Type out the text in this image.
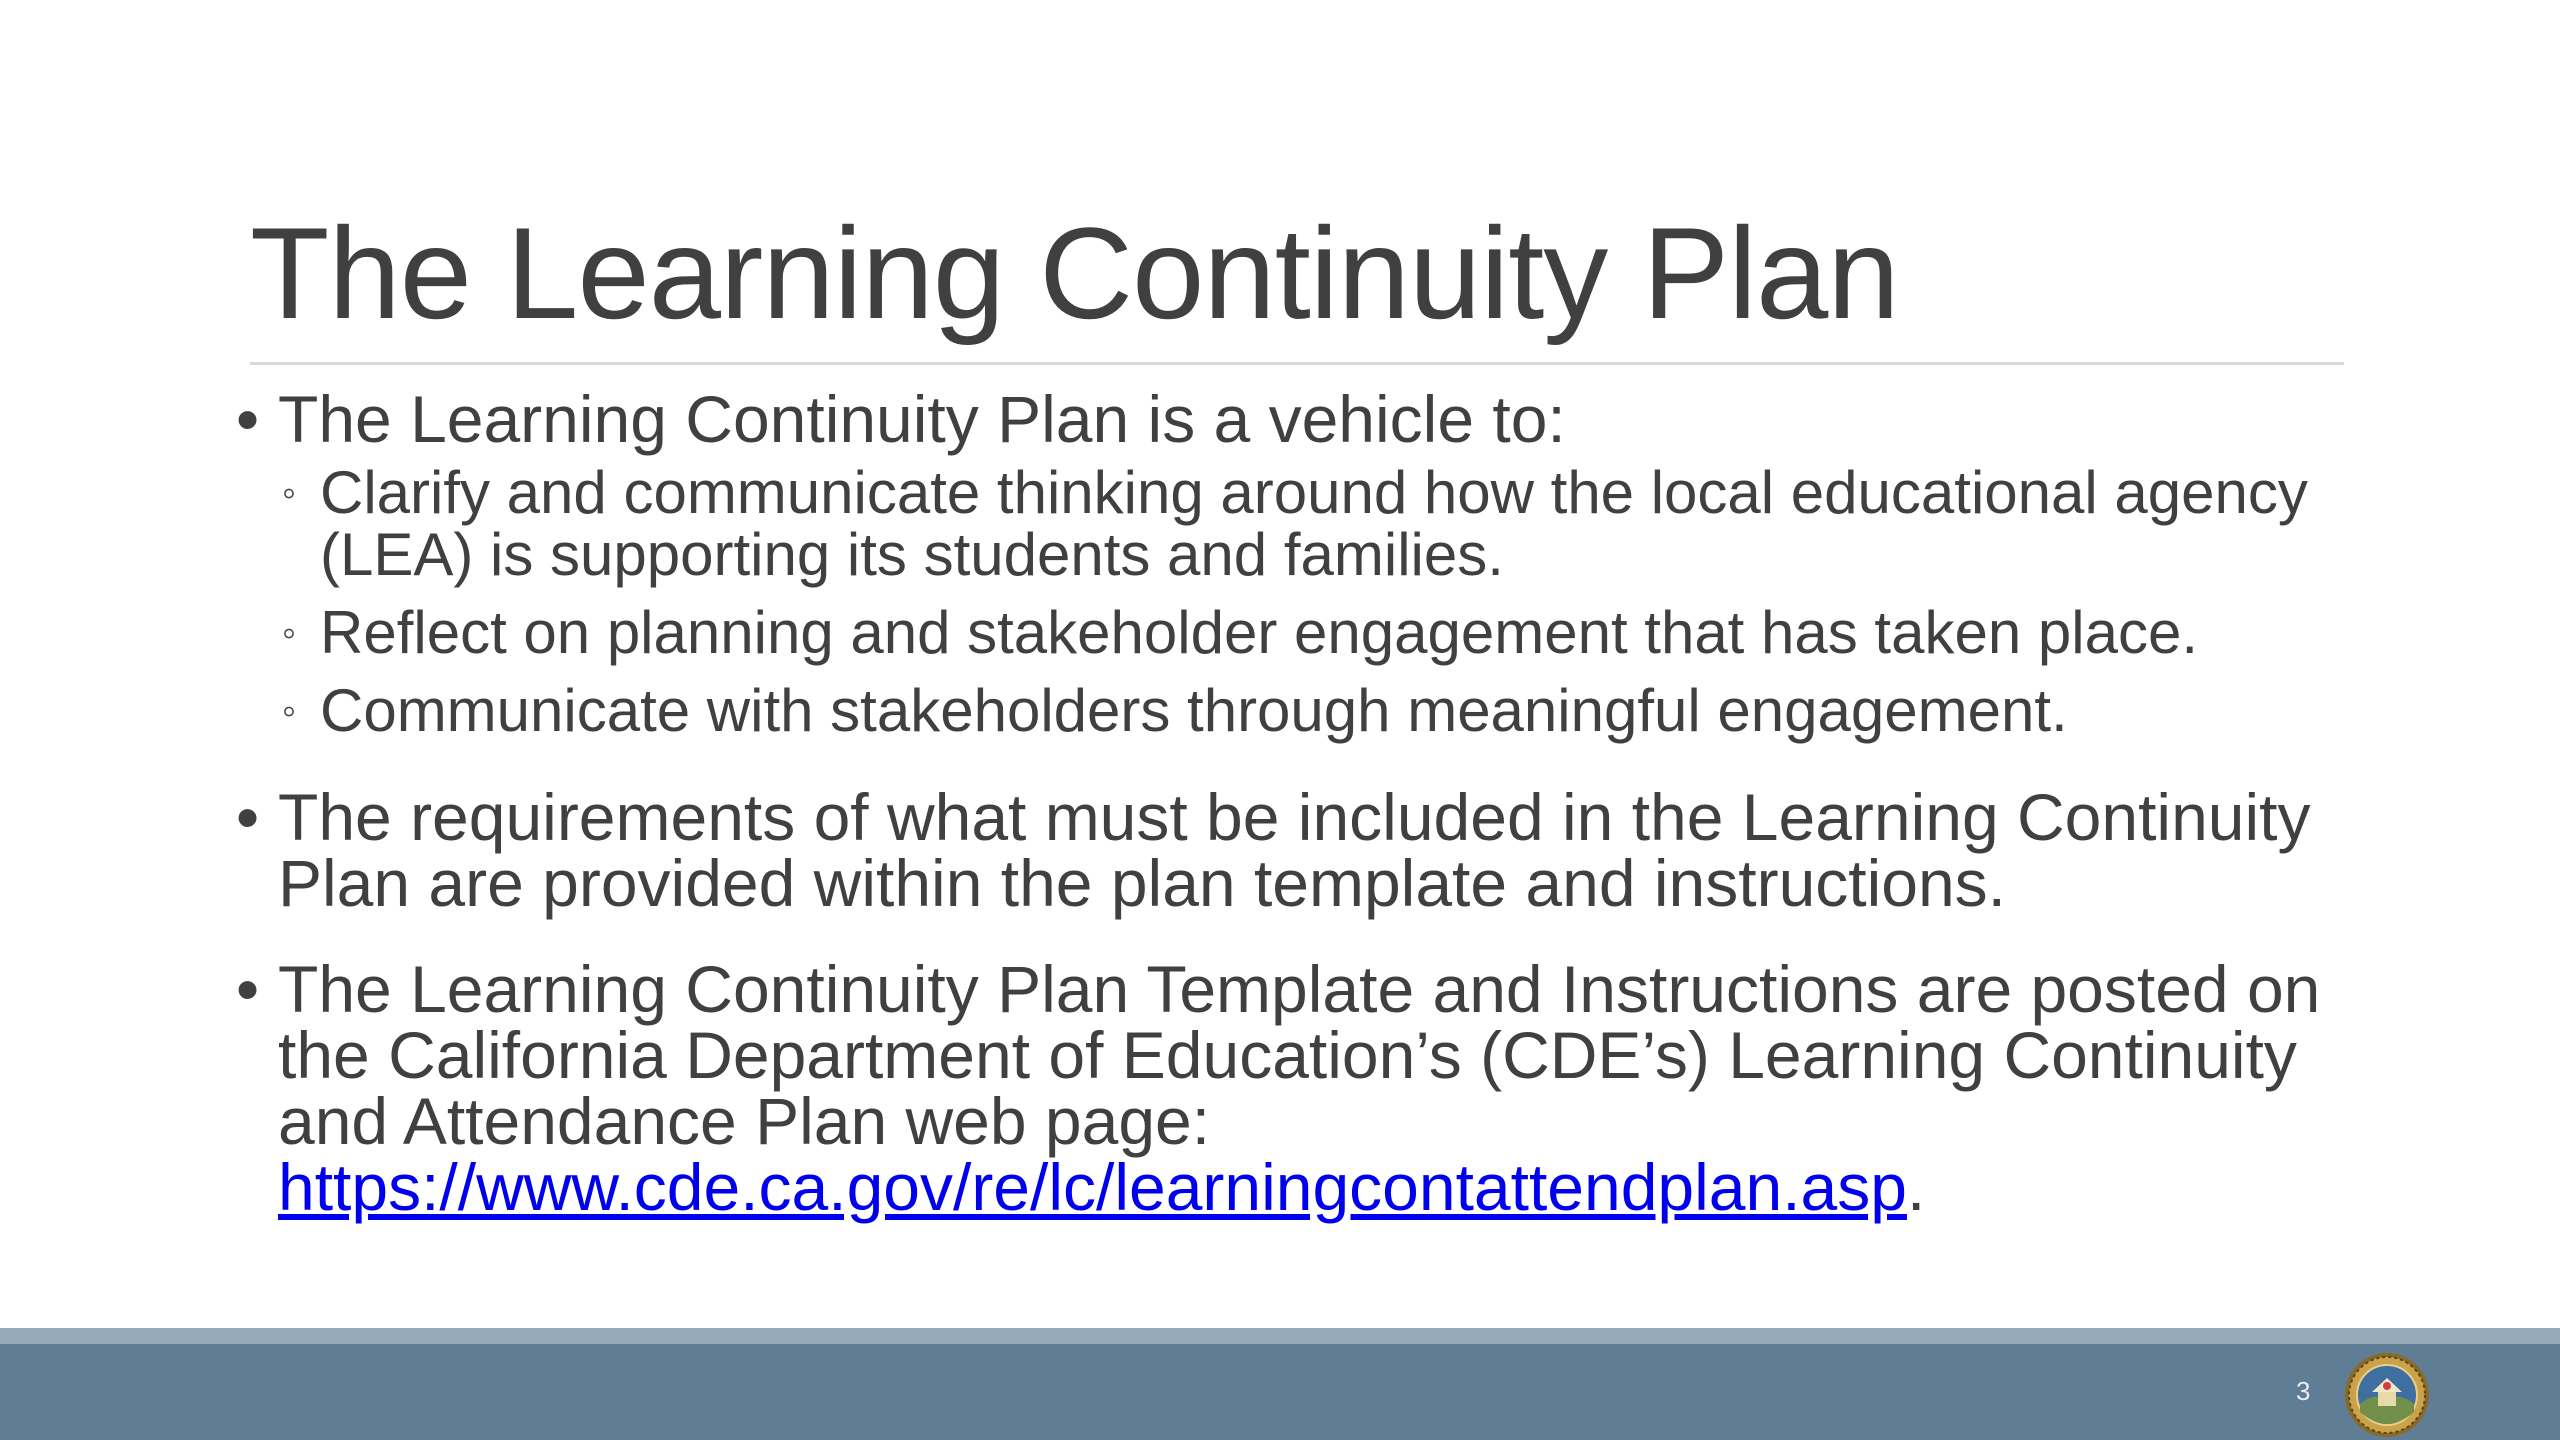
The Learning Continuity Plan
• The Learning Continuity Plan is a vehicle to:
◦ Clarify and communicate thinking around how the local educational agency (LEA) is supporting its students and families.
◦ Reflect on planning and stakeholder engagement that has taken place.
◦ Communicate with stakeholders through meaningful engagement.
• The requirements of what must be included in the Learning Continuity Plan are provided within the plan template and instructions.
• The Learning Continuity Plan Template and Instructions are posted on the California Department of Education’s (CDE’s) Learning Continuity and Attendance Plan web page:
https://www.cde.ca.gov/re/lc/learningcontattendplan.asp.
3
